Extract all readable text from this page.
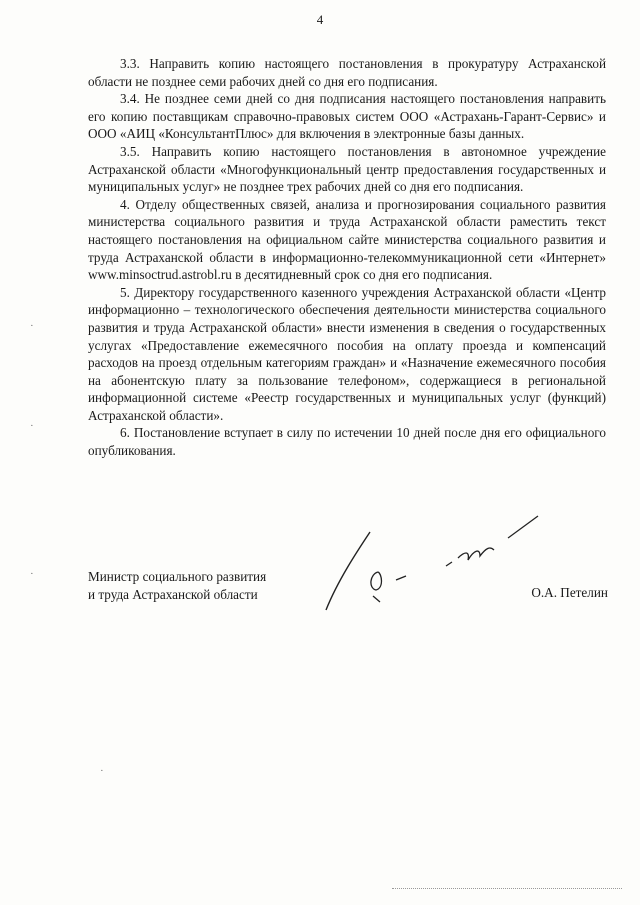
4

3.3. Направить копию настоящего постановления в прокуратуру Астраханской области не позднее семи рабочих дней со дня его подписания.

3.4. Не позднее семи дней со дня подписания настоящего постановления направить его копию поставщикам справочно-правовых систем ООО «Астрахань-Гарант-Сервис» и ООО «АИЦ «КонсультантПлюс» для включения в электронные базы данных.

3.5. Направить копию настоящего постановления в автономное учреждение Астраханской области «Многофункциональный центр предоставления государственных и муниципальных услуг» не позднее трех рабочих дней со дня его подписания.

4. Отделу общественных связей, анализа и прогнозирования социального развития министерства социального развития и труда Астраханской области раместить текст настоящего постановления на официальном сайте министерства социального развития и труда Астраханской области в информационно-телекоммуникационной сети «Интернет» www.minsoctrud.astrobl.ru в десятидневный срок со дня его подписания.

5. Директору государственного казенного учреждения Астраханской области «Центр информационно – технологического обеспечения деятельности министерства социального развития и труда Астраханской области» внести изменения в сведения о государственных услугах «Предоставление ежемесячного пособия на оплату проезда и компенсаций расходов на проезд отдельным категориям граждан» и «Назначение ежемесячного пособия на абонентскую плату за пользование телефоном», содержащиеся в региональной информационной системе «Реестр государственных и муниципальных услуг (функций) Астраханской области».

6. Постановление вступает в силу по истечении 10 дней после дня его официального опубликования.

Министр социального развития
и труда Астраханской области	О.А. Петелин
·
·
·
·
